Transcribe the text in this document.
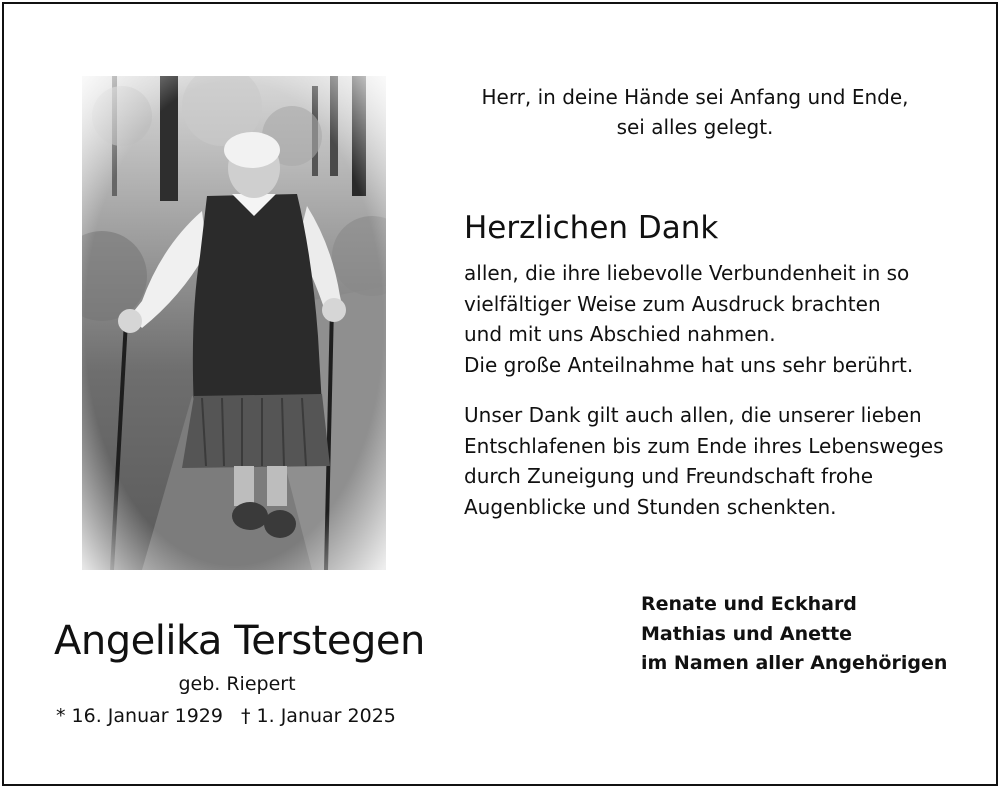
Herr, in deine Hände sei Anfang und Ende,
sei alles gelegt.
Herzlichen Dank
allen, die ihre liebevolle Verbundenheit in so
vielfältiger Weise zum Ausdruck brachten
und mit uns Abschied nahmen.
Die große Anteilnahme hat uns sehr berührt.
Unser Dank gilt auch allen, die unserer lieben
Entschlafenen bis zum Ende ihres Lebensweges
durch Zuneigung und Freundschaft frohe
Augenblicke und Stunden schenkten.
Renate und Eckhard
Mathias und Anette
im Namen aller Angehörigen
Angelika Terstegen
geb. Riepert
* 16. Januar 1929 † 1. Januar 2025
